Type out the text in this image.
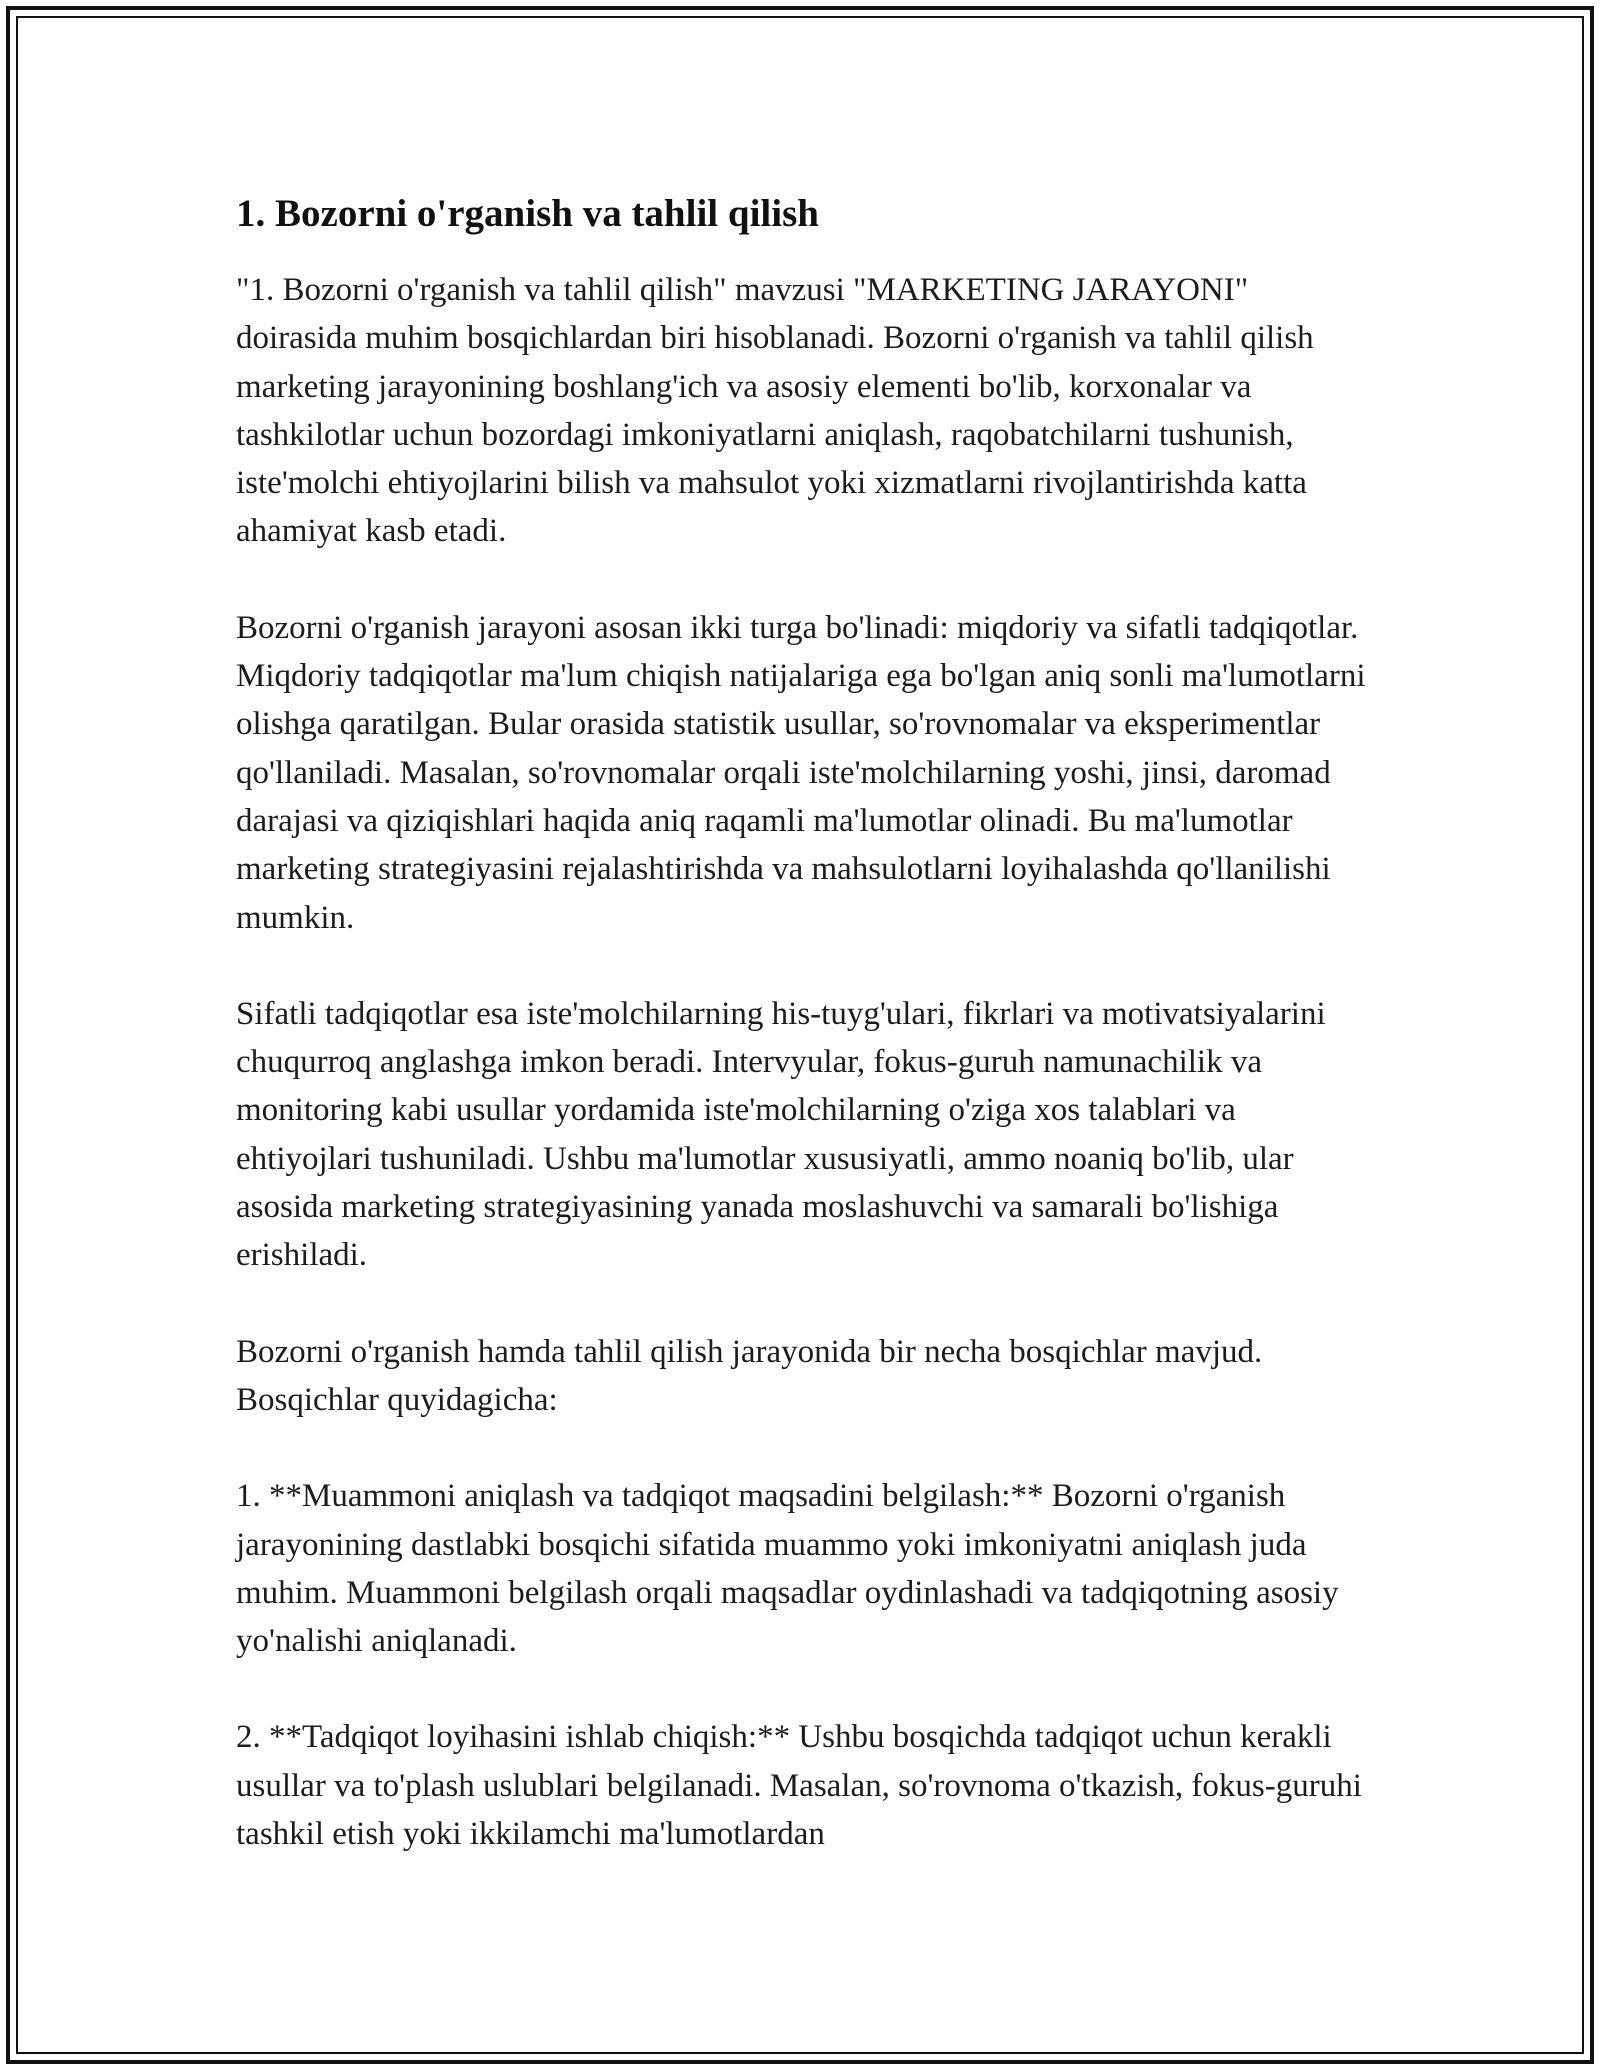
1. Bozorni o'rganish va tahlil qilish

"1. Bozorni o'rganish va tahlil qilish" mavzusi "MARKETING JARAYONI" doirasida muhim bosqichlardan biri hisoblanadi. Bozorni o'rganish va tahlil qilish marketing jarayonining boshlang'ich va asosiy elementi bo'lib, korxonalar va tashkilotlar uchun bozordagi imkoniyatlarni aniqlash, raqobatchilarni tushunish, iste'molchi ehtiyojlarini bilish va mahsulot yoki xizmatlarni rivojlantirishda katta ahamiyat kasb etadi.

Bozorni o'rganish jarayoni asosan ikki turga bo'linadi: miqdoriy va sifatli tadqiqotlar. Miqdoriy tadqiqotlar ma'lum chiqish natijalariga ega bo'lgan aniq sonli ma'lumotlarni olishga qaratilgan. Bular orasida statistik usullar, so'rovnomalar va eksperimentlar qo'llaniladi. Masalan, so'rovnomalar orqali iste'molchilarning yoshi, jinsi, daromad darajasi va qiziqishlari haqida aniq raqamli ma'lumotlar olinadi. Bu ma'lumotlar marketing strategiyasini rejalashtirishda va mahsulotlarni loyihalashda qo'llanilishi mumkin.

Sifatli tadqiqotlar esa iste'molchilarning his-tuyg'ulari, fikrlari va motivatsiyalarini chuqurroq anglashga imkon beradi. Intervyular, fokus-guruh namunachilik va monitoring kabi usullar yordamida iste'molchilarning o'ziga xos talablari va ehtiyojlari tushuniladi. Ushbu ma'lumotlar xususiyatli, ammo noaniq bo'lib, ular asosida marketing strategiyasining yanada moslashuvchi va samarali bo'lishiga erishiladi.

Bozorni o'rganish hamda tahlil qilish jarayonida bir necha bosqichlar mavjud. Bosqichlar quyidagicha:

1. **Muammoni aniqlash va tadqiqot maqsadini belgilash:** Bozorni o'rganish jarayonining dastlabki bosqichi sifatida muammo yoki imkoniyatni aniqlash juda muhim. Muammoni belgilash orqali maqsadlar oydinlashadi va tadqiqotning asosiy yo'nalishi aniqlanadi.

2. **Tadqiqot loyihasini ishlab chiqish:** Ushbu bosqichda tadqiqot uchun kerakli usullar va to'plash uslublari belgilanadi. Masalan, so'rovnoma o'tkazish, fokus-guruhi tashkil etish yoki ikkilamchi ma'lumotlardan
